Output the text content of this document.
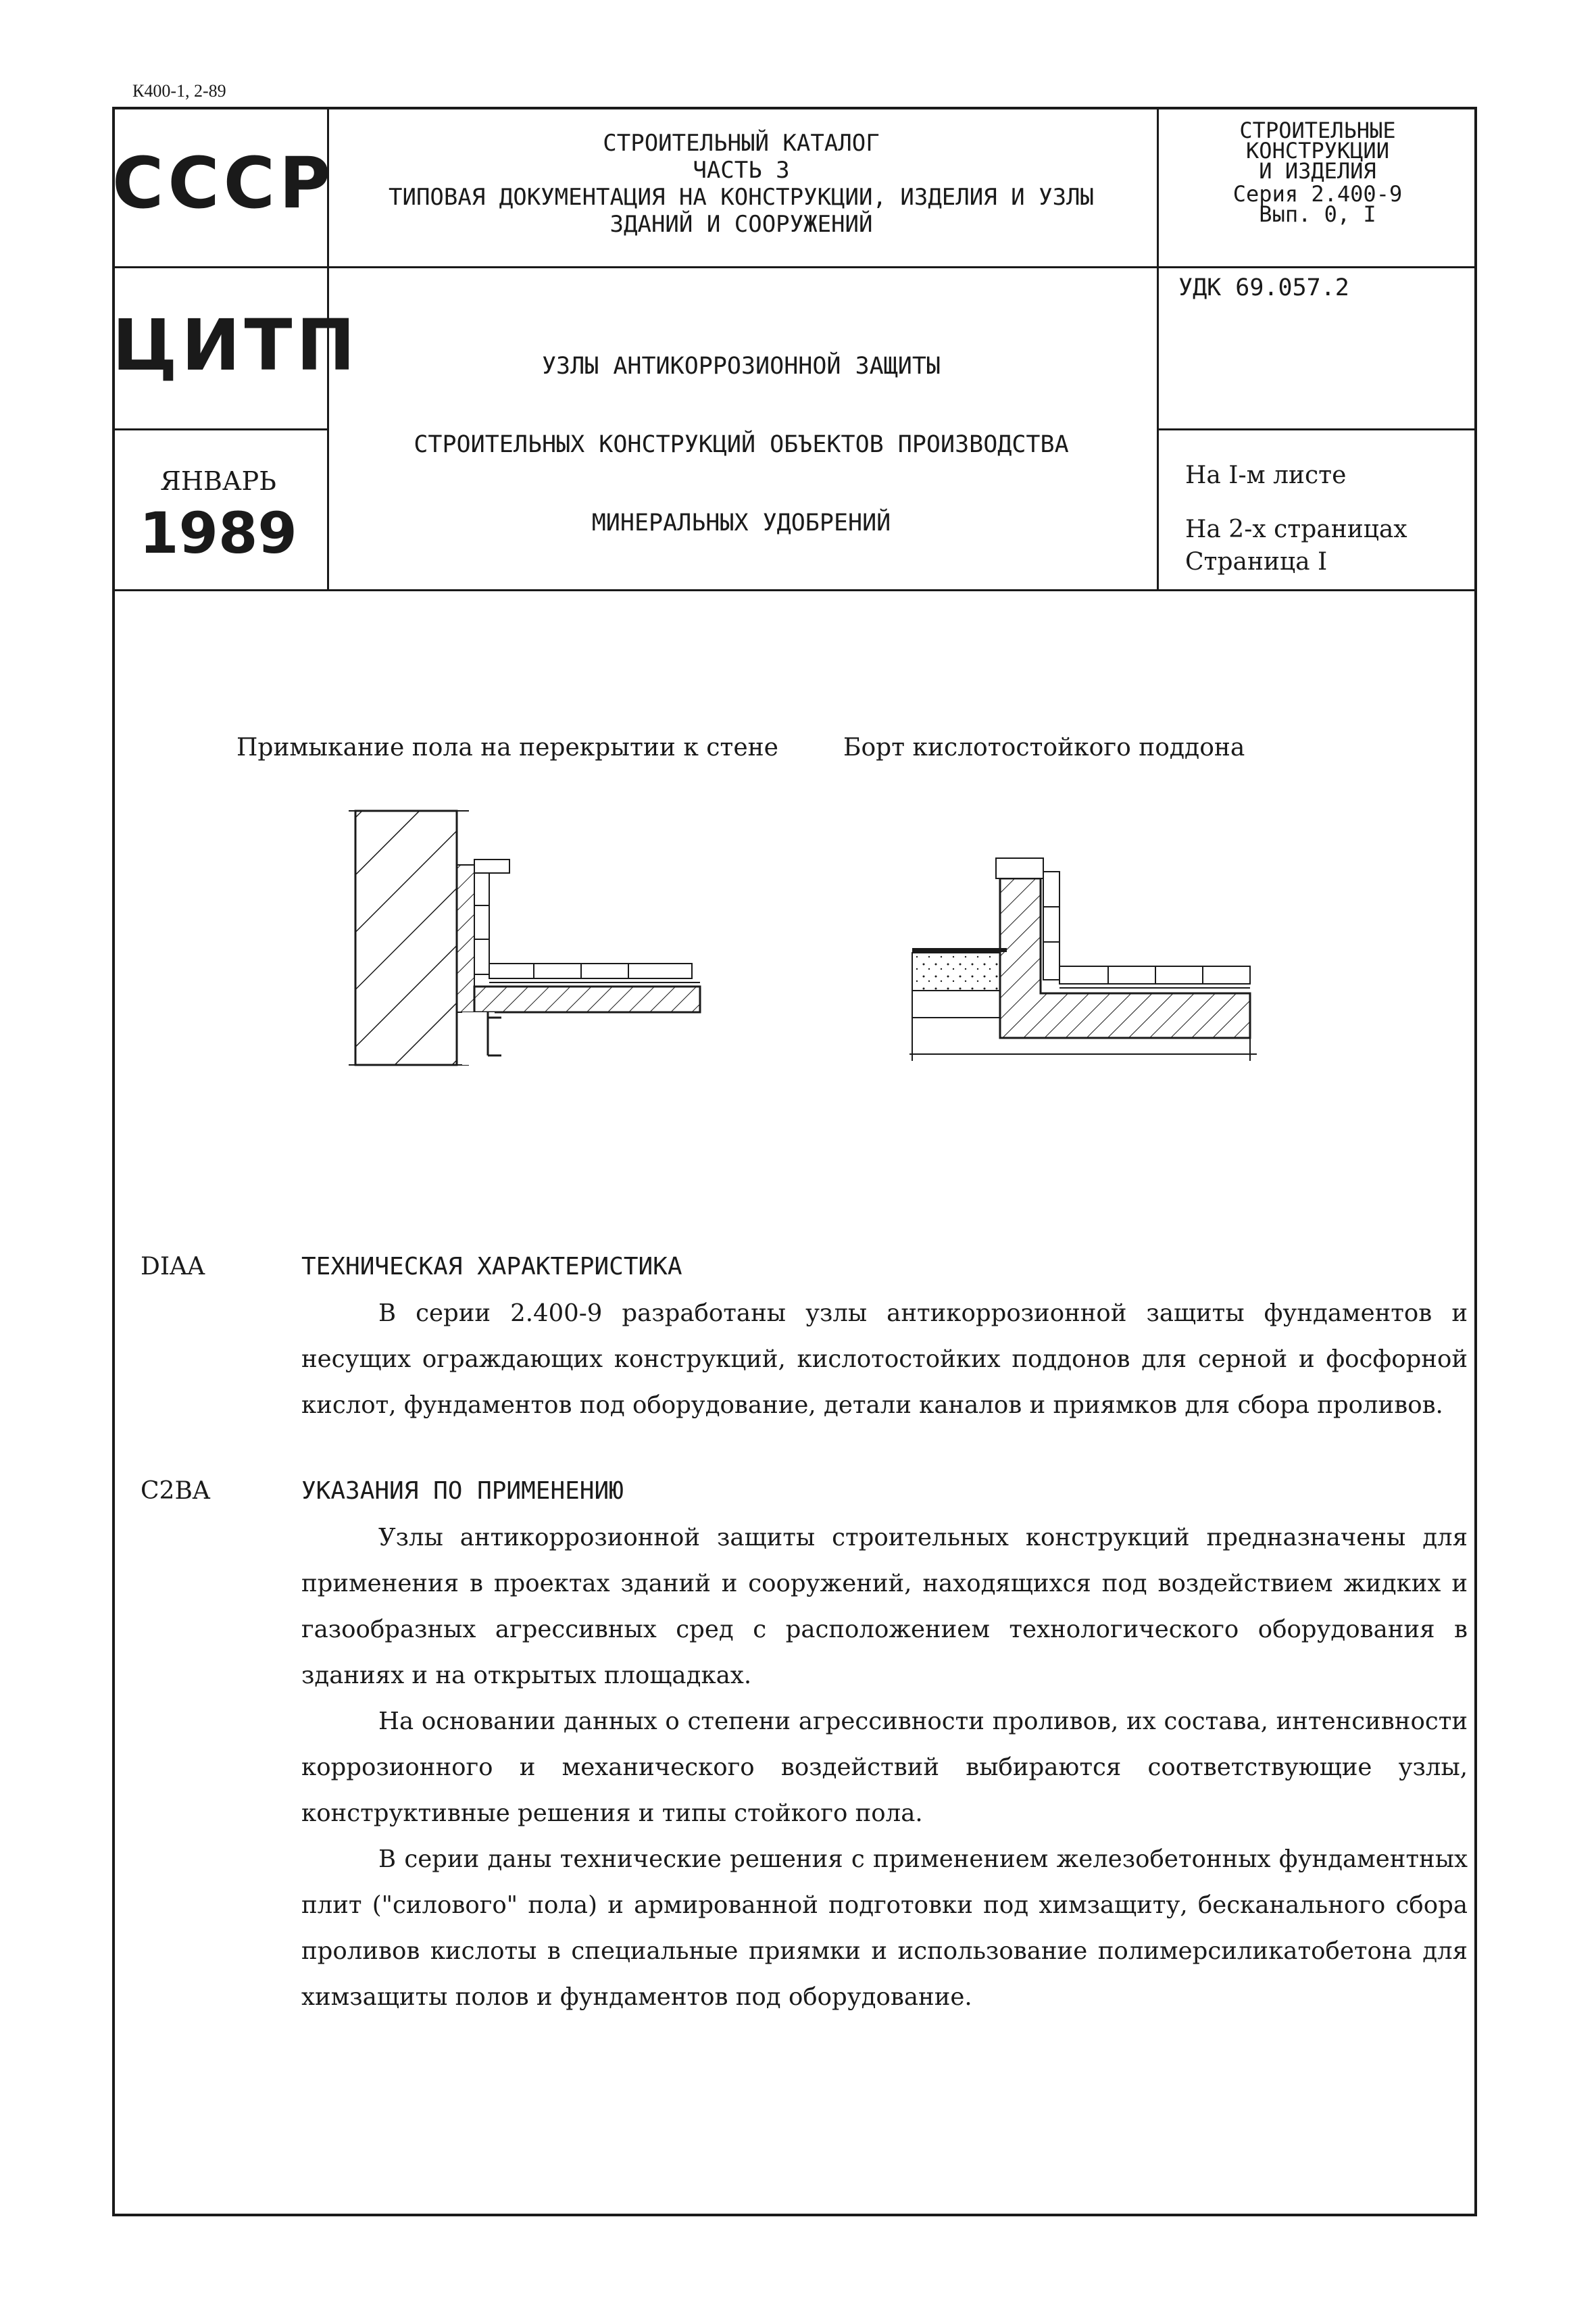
К400-1, 2-89
СССР
ЦИТП
ЯНВАРЬ
1989
СТРОИТЕЛЬНЫЙ КАТАЛОГ
ЧАСТЬ 3
ТИПОВАЯ ДОКУМЕНТАЦИЯ НА КОНСТРУКЦИИ, ИЗДЕЛИЯ И УЗЛЫ
ЗДАНИЙ И СООРУЖЕНИЙ
СТРОИТЕЛЬНЫЕ
КОНСТРУКЦИИ
И ИЗДЕЛИЯ
Серия 2.400-9
Вып. 0, I
УДК 69.057.2
УЗЛЫ АНТИКОРРОЗИОННОЙ ЗАЩИТЫ
СТРОИТЕЛЬНЫХ КОНСТРУКЦИЙ ОБЪЕКТОВ ПРОИЗВОДСТВА
МИНЕРАЛЬНЫХ УДОБРЕНИЙ
На I-м листе
На 2-х страницах
Страница I
Примыкание пола на перекрытии к стене	Борт кислотостойкого поддона
DIAA	ТЕХНИЧЕСКАЯ ХАРАКТЕРИСТИКА

В серии 2.400-9 разработаны узлы антикоррозионной защиты фундаментов и несущих ограждающих конструкций, кислотостойких поддонов для серной и фосфорной кислот, фундаментов под оборудование, детали каналов и приямков для сбора проливов.

C2BA	УКАЗАНИЯ ПО ПРИМЕНЕНИЮ

Узлы антикоррозионной защиты строительных конструкций предназначены для применения в проектах зданий и сооружений, находящихся под воздействием жидких и газообразных агрессивных сред с расположением технологического оборудования в зданиях и на открытых площадках.

На основании данных о степени агрессивности проливов, их состава, интенсивности коррозионного и механического воздействий выбираются соответствующие узлы, конструктивные решения и типы стойкого пола.

В серии даны технические решения с применением железобетонных фундаментных плит ("силового" пола) и армированной подготовки под химзащиту, бесканального сбора проливов кислоты в специальные приямки и использование полимерсиликатобетона для химзащиты полов и фундаментов под оборудование.
